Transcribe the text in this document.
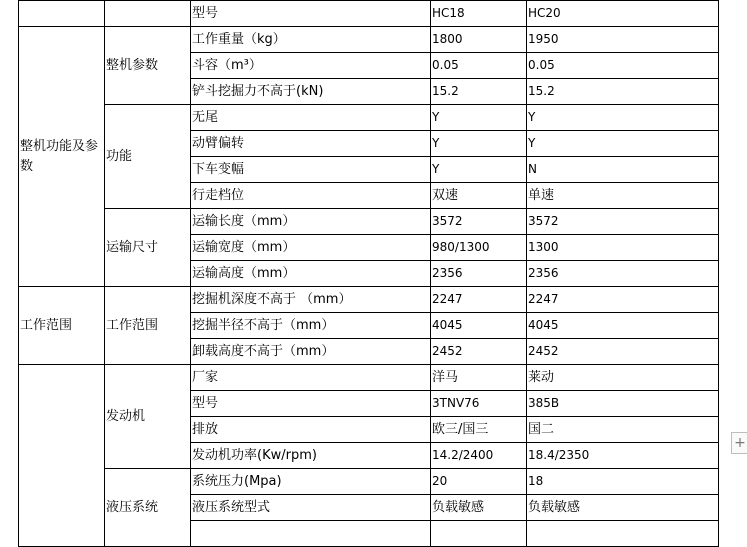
		型号	HC18	HC20
整机功能及参数	整机参数	工作重量（kg）	1800	1950
		斗容（m³）	0.05	0.05
		铲斗挖掘力不高于(kN)	15.2	15.2
	功能	无尾	Y	Y
		动臂偏转	Y	Y
		下车变幅	Y	N
		行走档位	双速	单速
	运输尺寸	运输长度（mm）	3572	3572
		运输宽度（mm）	980/1300	1300
		运输高度（mm）	2356	2356
工作范围	工作范围	挖掘机深度不高于 （mm）	2247	2247
		挖掘半径不高于（mm）	4045	4045
		卸载高度不高于（mm）	2452	2452
	发动机	厂家	洋马	莱动
		型号	3TNV76	385B
		排放	欧三/国三	国二
		发动机功率(Kw/rpm)	14.2/2400	18.4/2350
	液压系统	系统压力(Mpa)	20	18
		液压系统型式	负载敏感	负载敏感

+
